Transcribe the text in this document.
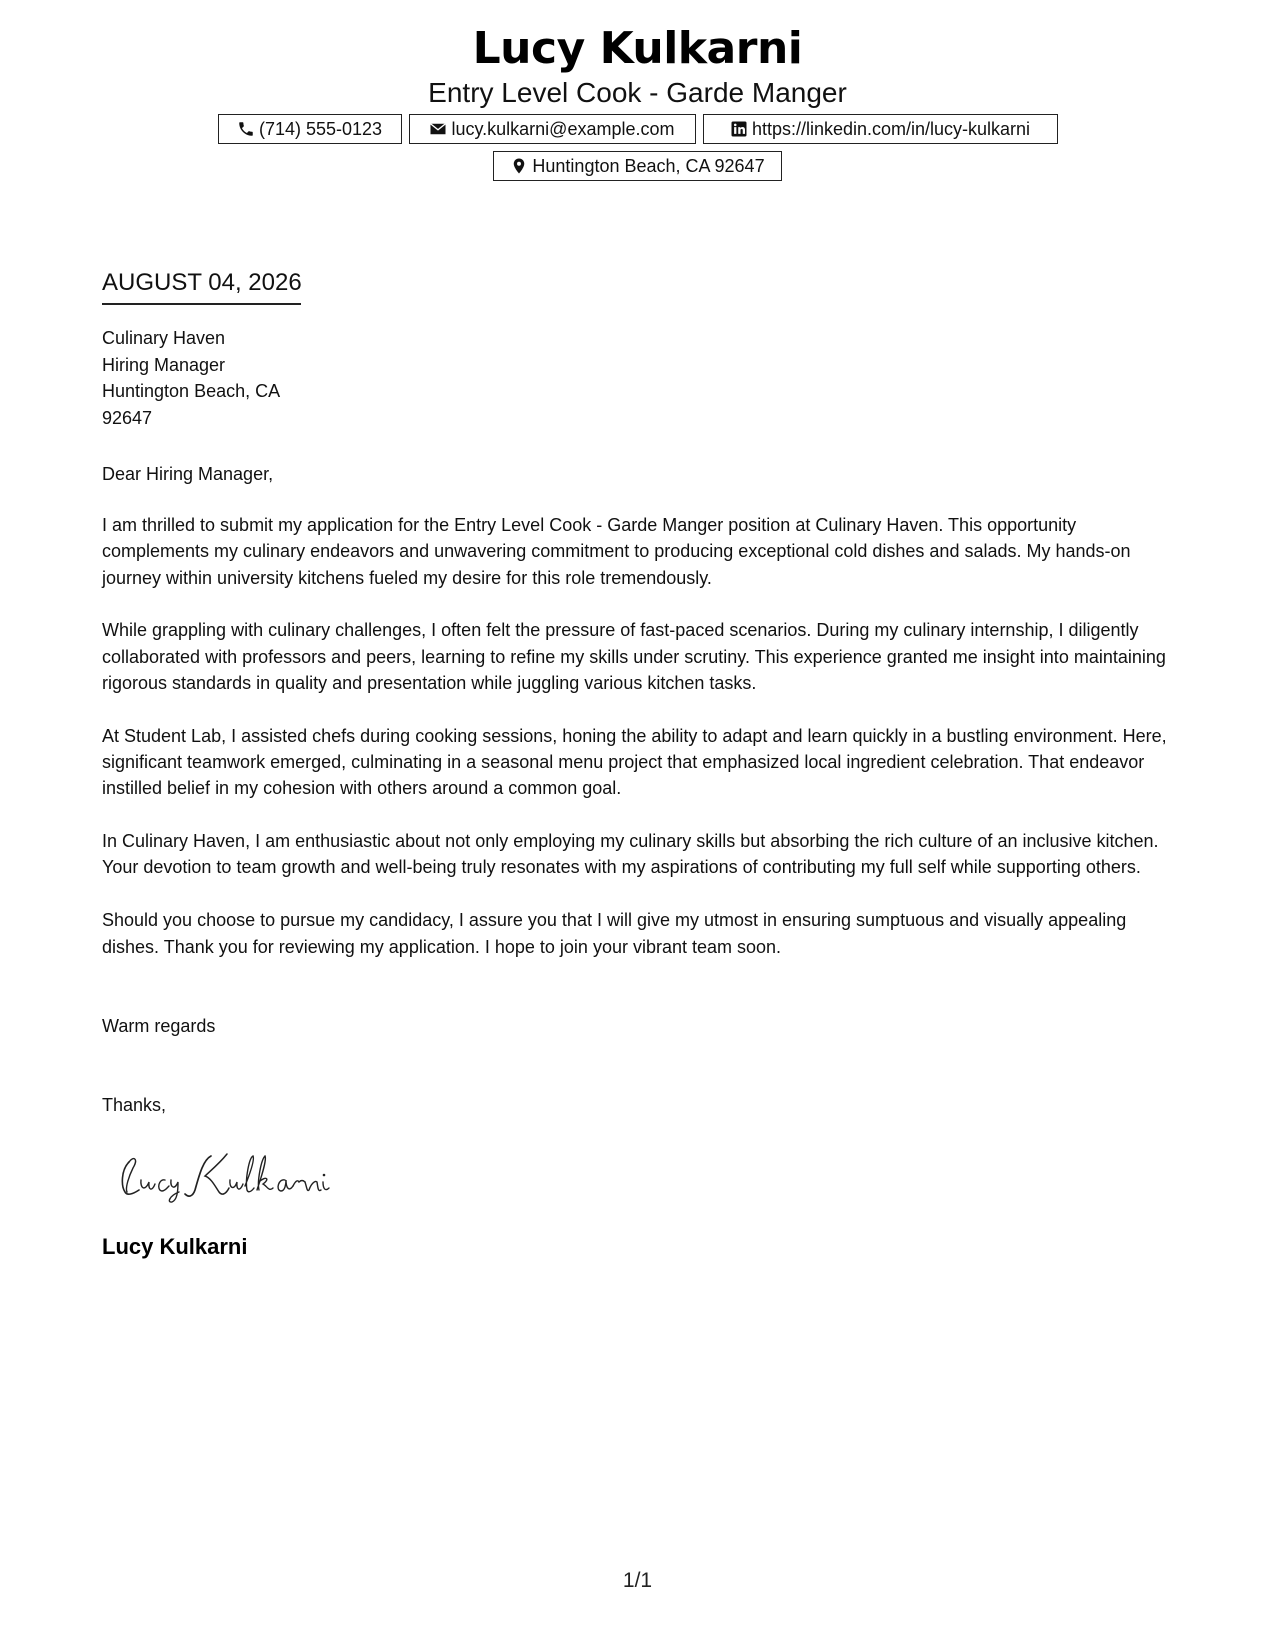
Lucy Kulkarni
Entry Level Cook - Garde Manger
(714) 555-0123	lucy.kulkarni@example.com	https://linkedin.com/in/lucy-kulkarni
Huntington Beach, CA 92647
AUGUST 04, 2026
Culinary Haven
Hiring Manager
Huntington Beach, CA
92647
Dear Hiring Manager,

I am thrilled to submit my application for the Entry Level Cook - Garde Manger position at Culinary Haven. This opportunity complements my culinary endeavors and unwavering commitment to producing exceptional cold dishes and salads. My hands-on journey within university kitchens fueled my desire for this role tremendously.

While grappling with culinary challenges, I often felt the pressure of fast-paced scenarios. During my culinary internship, I diligently collaborated with professors and peers, learning to refine my skills under scrutiny. This experience granted me insight into maintaining rigorous standards in quality and presentation while juggling various kitchen tasks.

At Student Lab, I assisted chefs during cooking sessions, honing the ability to adapt and learn quickly in a bustling environment. Here, significant teamwork emerged, culminating in a seasonal menu project that emphasized local ingredient celebration. That endeavor instilled belief in my cohesion with others around a common goal.

In Culinary Haven, I am enthusiastic about not only employing my culinary skills but absorbing the rich culture of an inclusive kitchen. Your devotion to team growth and well-being truly resonates with my aspirations of contributing my full self while supporting others.

Should you choose to pursue my candidacy, I assure you that I will give my utmost in ensuring sumptuous and visually appealing dishes. Thank you for reviewing my application. I hope to join your vibrant team soon.

Warm regards
Thanks,
Lucy Kulkarni
1/1
